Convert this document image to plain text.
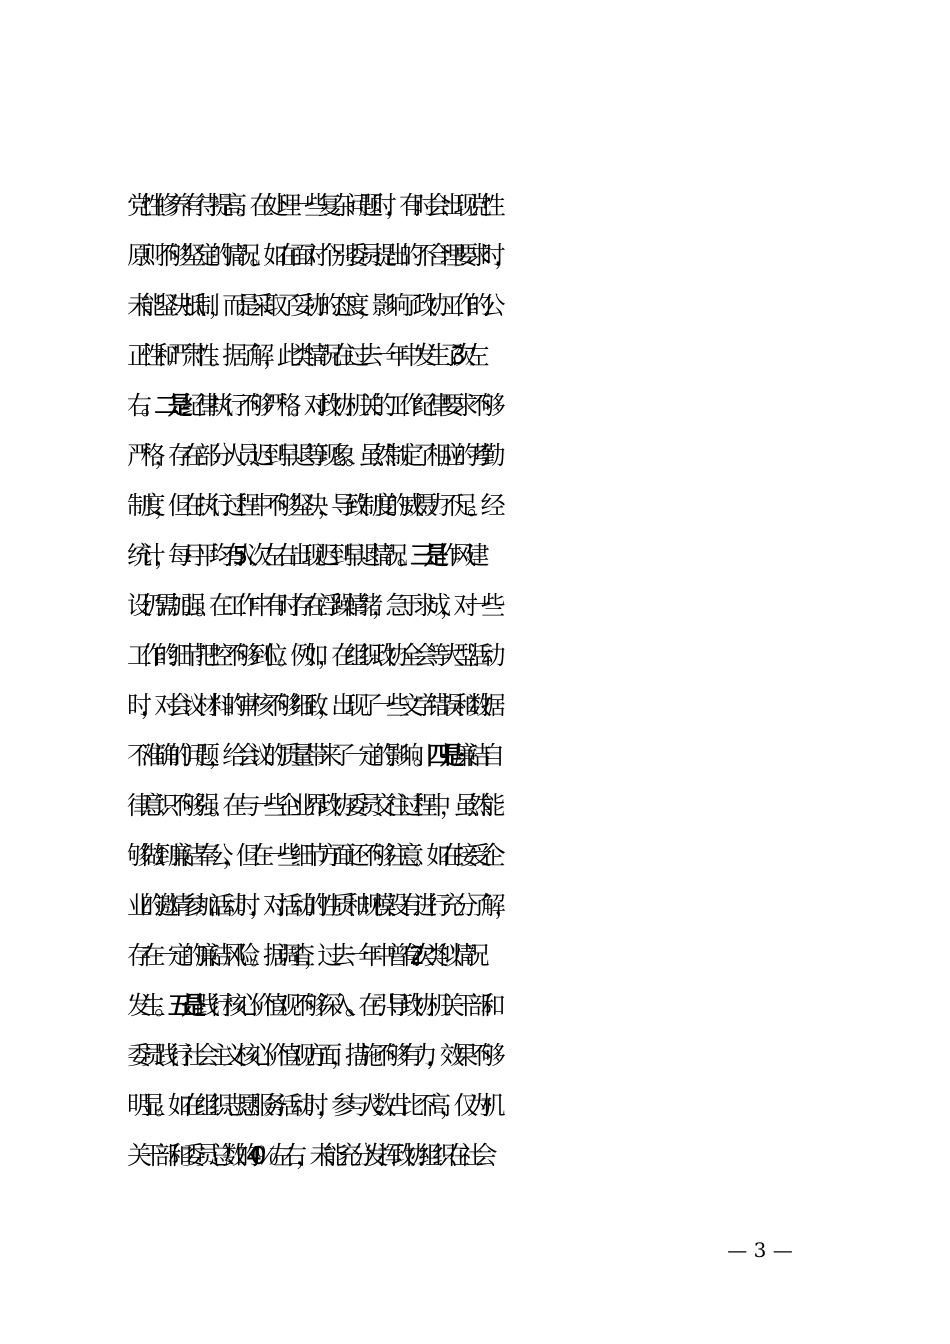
党性修养有待提高。在处理一些复杂问题时，有时会出现党性
原则不够坚定的情况。如在面对个别委员提出的不合理要求时，
未能坚决抵制，而是采取了妥协的态度，影响了政协工作的公
正性和严肃性。据了解，此类情况在过去一年中发生了 3 次左
右。二是纪律执行不够严格。对政协机关的工作纪律要求不够
严格，存在部分人员迟到早退等现象。虽然制定了相应的考勤
制度，但在执行过程中不够坚决，导致制度的威慑力不足。经
统计，每月平均有 5 人次左右出现迟到早退情况。三是作风建
设仍需加强。在工作中有时存在浮躁情绪，急于求成，对一些
工作的细节把控不够到位。例如，在组织政协全会等大型活动
时，对会议材料的审核不够细致，出现了一些文字错误和数据
不准确的问题，给会议的质量带来了一定的影响。四是廉洁自
律意识不够强。在与一些企业界政协委员交往过程中，虽然能
够做到廉洁奉公，但在一些细节方面还不够注意。如在接受企
业的邀请参加活动时，对活动的性质和规模没有进行充分了解，
存在一定的廉洁风险。据调查，过去一年中曾有 2 次类似情况
发生。五是践行核心价值观不够深入。在引导政协机关干部和
委员践行社会主义核心价值观方面，措施不够有力，效果不够
明显。如在组织志愿服务活动时，参与人数占比不高，仅为机
关干部和委员总数的 40％左右，未能充分发挥政协组织在社会
— 3 —
